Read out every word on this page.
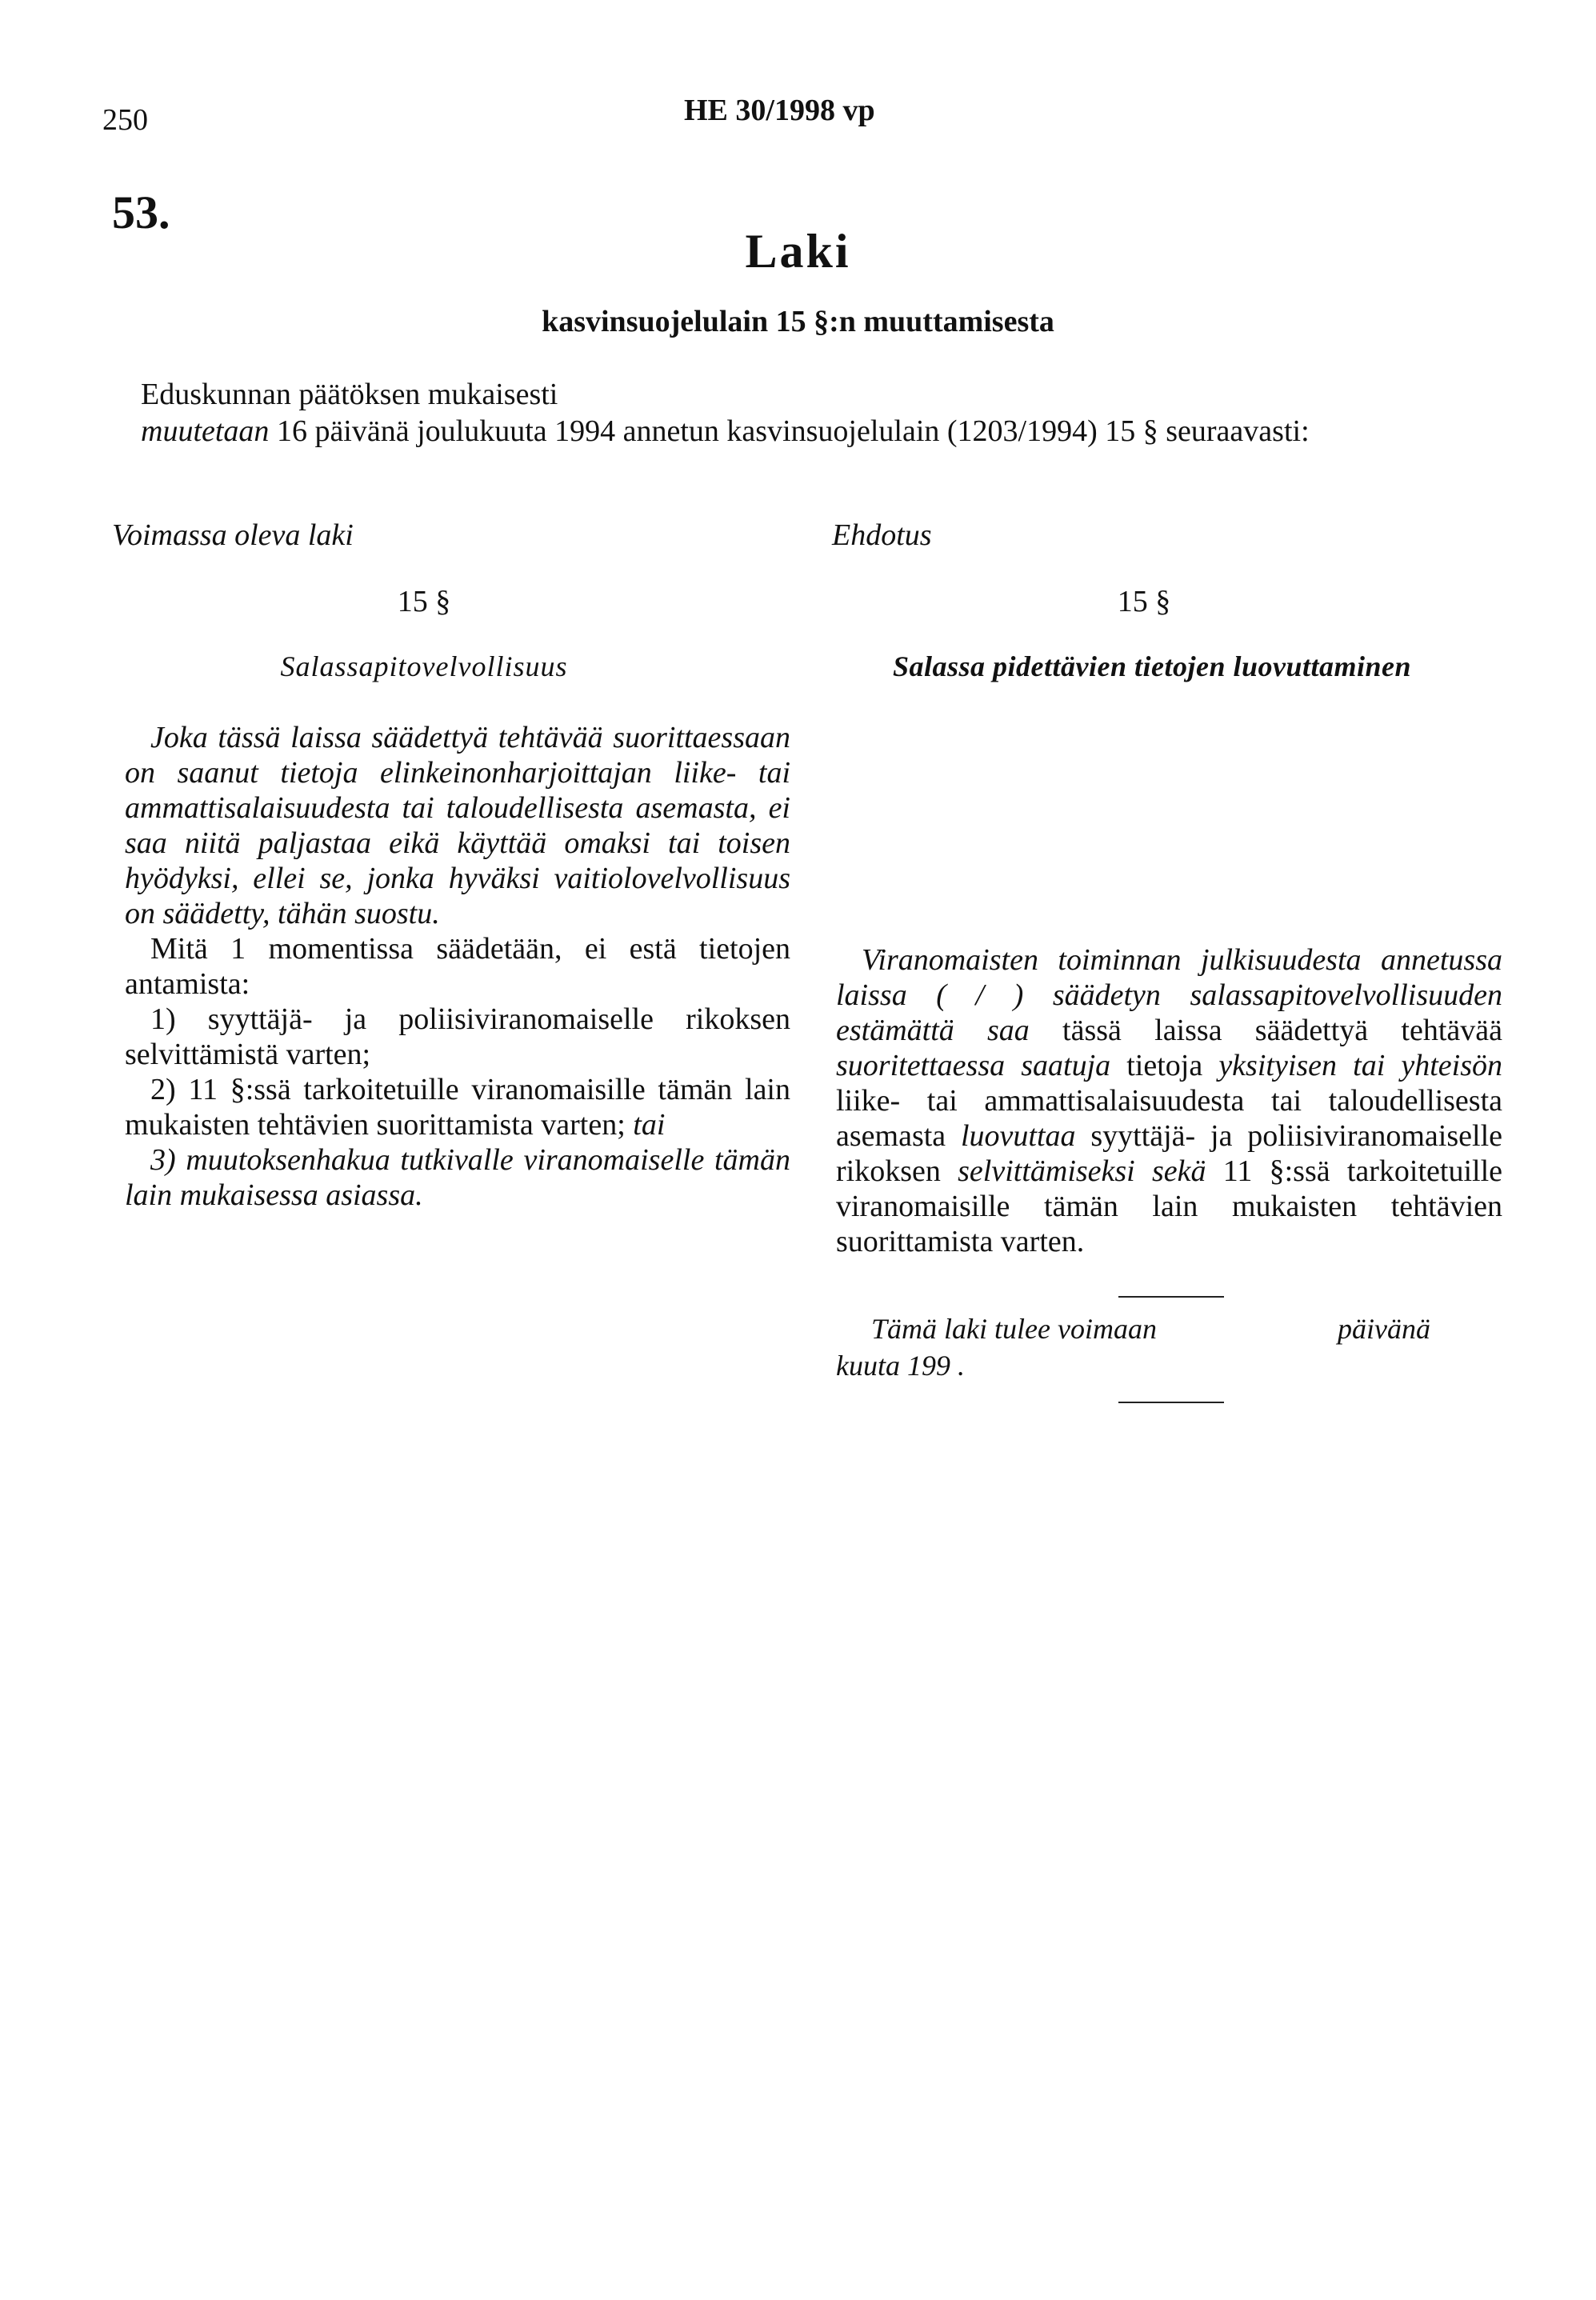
250	HE 30/1998 vp
53.
Laki
kasvinsuojelulain 15 §:n muuttamisesta

Eduskunnan päätöksen mukaisesti

muutetaan 16 päivänä joulukuuta 1994 annetun kasvinsuojelulain (1203/1994) 15 § seuraavasti:

Voimassa oleva laki	Ehdotus
15 §	15 §
Salassapitovelvollisuus	Salassa pidettävien tietojen luovuttaminen

Joka tässä laissa säädettyä tehtävää suorittaessaan on saanut tietoja elinkeinonharjoittajan liike- tai ammattisalaisuudesta tai taloudellisesta asemasta, ei saa niitä paljastaa eikä käyttää omaksi tai toisen hyödyksi, ellei se, jonka hyväksi vaitiolovelvollisuus on säädetty, tähän suostu.

Mitä 1 momentissa säädetään, ei estä tietojen antamista:

1) syyttäjä- ja poliisiviranomaiselle rikoksen selvittämistä varten;

2) 11 §:ssä tarkoitetuille viranomaisille tämän lain mukaisten tehtävien suorittamista varten; tai

3) muutoksenhakua tutkivalle viranomaiselle tämän lain mukaisessa asiassa.

Viranomaisten toiminnan julkisuudesta annetussa laissa ( / ) säädetyn salassapitovelvollisuuden estämättä saa tässä laissa säädettyä tehtävää suoritettaessa saatuja tietoja yksityisen tai yhteisön liike- tai ammattisalaisuudesta tai taloudellisesta asemasta luovuttaa syyttäjä- ja poliisiviranomaiselle rikoksen selvittämiseksi sekä 11 §:ssä tarkoitetuille viranomaisille tämän lain mukaisten tehtävien suorittamista varten.

Tämä laki tulee voimaan	päivänä

kuuta 199 .
